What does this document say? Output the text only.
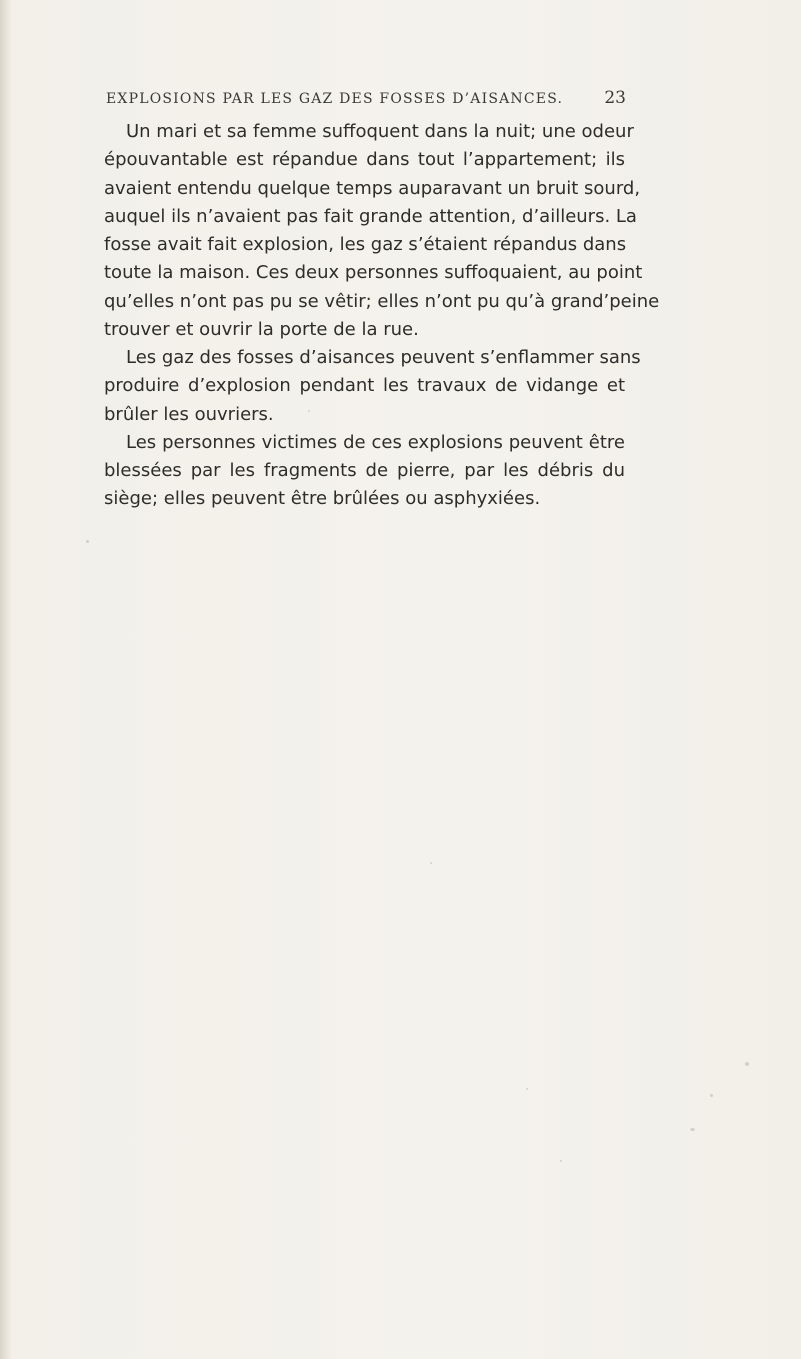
EXPLOSIONS PAR LES GAZ DES FOSSES D’AISANCES. 23

Un mari et sa femme suffoquent dans la nuit; une odeur
épouvantable est répandue dans tout l’appartement; ils
avaient entendu quelque temps auparavant un bruit sourd,
auquel ils n’avaient pas fait grande attention, d’ailleurs. La
fosse avait fait explosion, les gaz s’étaient répandus dans
toute la maison. Ces deux personnes suffoquaient, au point
qu’elles n’ont pas pu se vêtir; elles n’ont pu qu’à grand’peine
trouver et ouvrir la porte de la rue.

Les gaz des fosses d’aisances peuvent s’enflammer sans
produire d’explosion pendant les travaux de vidange et
brûler les ouvriers.

Les personnes victimes de ces explosions peuvent être
blessées par les fragments de pierre, par les débris du
siège; elles peuvent être brûlées ou asphyxiées.
